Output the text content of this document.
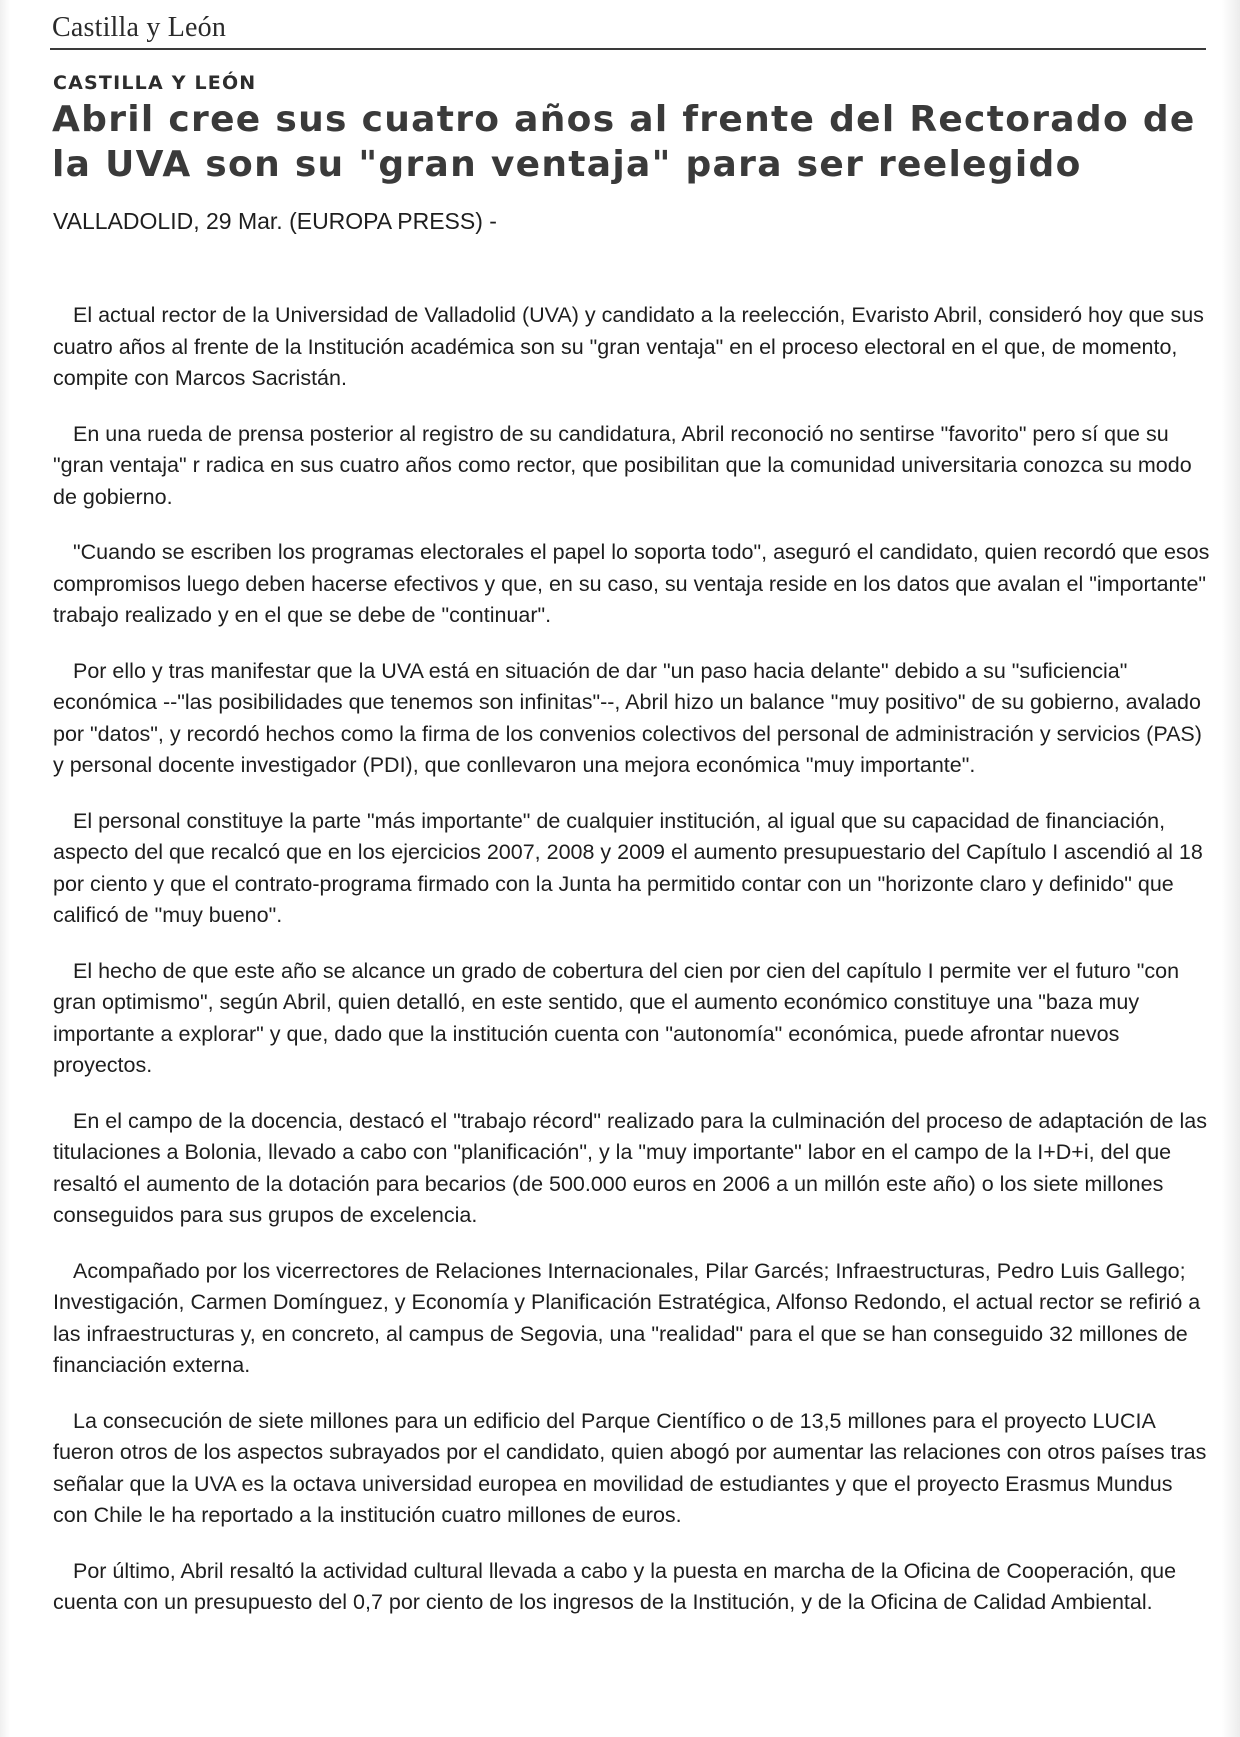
Castilla y León
CASTILLA Y LEÓN
Abril cree sus cuatro años al frente del Rectorado de la UVA son su "gran ventaja" para ser reelegido
VALLADOLID, 29 Mar. (EUROPA PRESS) -

El actual rector de la Universidad de Valladolid (UVA) y candidato a la reelección, Evaristo Abril, consideró hoy que sus cuatro años al frente de la Institución académica son su "gran ventaja" en el proceso electoral en el que, de momento, compite con Marcos Sacristán.

En una rueda de prensa posterior al registro de su candidatura, Abril reconoció no sentirse "favorito" pero sí que su "gran ventaja" r radica en sus cuatro años como rector, que posibilitan que la comunidad universitaria conozca su modo de gobierno.

"Cuando se escriben los programas electorales el papel lo soporta todo", aseguró el candidato, quien recordó que esos compromisos luego deben hacerse efectivos y que, en su caso, su ventaja reside en los datos que avalan el "importante" trabajo realizado y en el que se debe de "continuar".

Por ello y tras manifestar que la UVA está en situación de dar "un paso hacia delante" debido a su "suficiencia" económica --"las posibilidades que tenemos son infinitas"--, Abril hizo un balance "muy positivo" de su gobierno, avalado por "datos", y recordó hechos como la firma de los convenios colectivos del personal de administración y servicios (PAS) y personal docente investigador (PDI), que conllevaron una mejora económica "muy importante".

El personal constituye la parte "más importante" de cualquier institución, al igual que su capacidad de financiación, aspecto del que recalcó que en los ejercicios 2007, 2008 y 2009 el aumento presupuestario del Capítulo I ascendió al 18 por ciento y que el contrato-programa firmado con la Junta ha permitido contar con un "horizonte claro y definido" que calificó de "muy bueno".

El hecho de que este año se alcance un grado de cobertura del cien por cien del capítulo I permite ver el futuro "con gran optimismo", según Abril, quien detalló, en este sentido, que el aumento económico constituye una "baza muy importante a explorar" y que, dado que la institución cuenta con "autonomía" económica, puede afrontar nuevos proyectos.

En el campo de la docencia, destacó el "trabajo récord" realizado para la culminación del proceso de adaptación de las titulaciones a Bolonia, llevado a cabo con "planificación", y la "muy importante" labor en el campo de la I+D+i, del que resaltó el aumento de la dotación para becarios (de 500.000 euros en 2006 a un millón este año) o los siete millones conseguidos para sus grupos de excelencia.

Acompañado por los vicerrectores de Relaciones Internacionales, Pilar Garcés; Infraestructuras, Pedro Luis Gallego; Investigación, Carmen Domínguez, y Economía y Planificación Estratégica, Alfonso Redondo, el actual rector se refirió a las infraestructuras y, en concreto, al campus de Segovia, una "realidad" para el que se han conseguido 32 millones de financiación externa.

La consecución de siete millones para un edificio del Parque Científico o de 13,5 millones para el proyecto LUCIA fueron otros de los aspectos subrayados por el candidato, quien abogó por aumentar las relaciones con otros países tras señalar que la UVA es la octava universidad europea en movilidad de estudiantes y que el proyecto Erasmus Mundus con Chile le ha reportado a la institución cuatro millones de euros.

Por último, Abril resaltó la actividad cultural llevada a cabo y la puesta en marcha de la Oficina de Cooperación, que cuenta con un presupuesto del 0,7 por ciento de los ingresos de la Institución, y de la Oficina de Calidad Ambiental.
